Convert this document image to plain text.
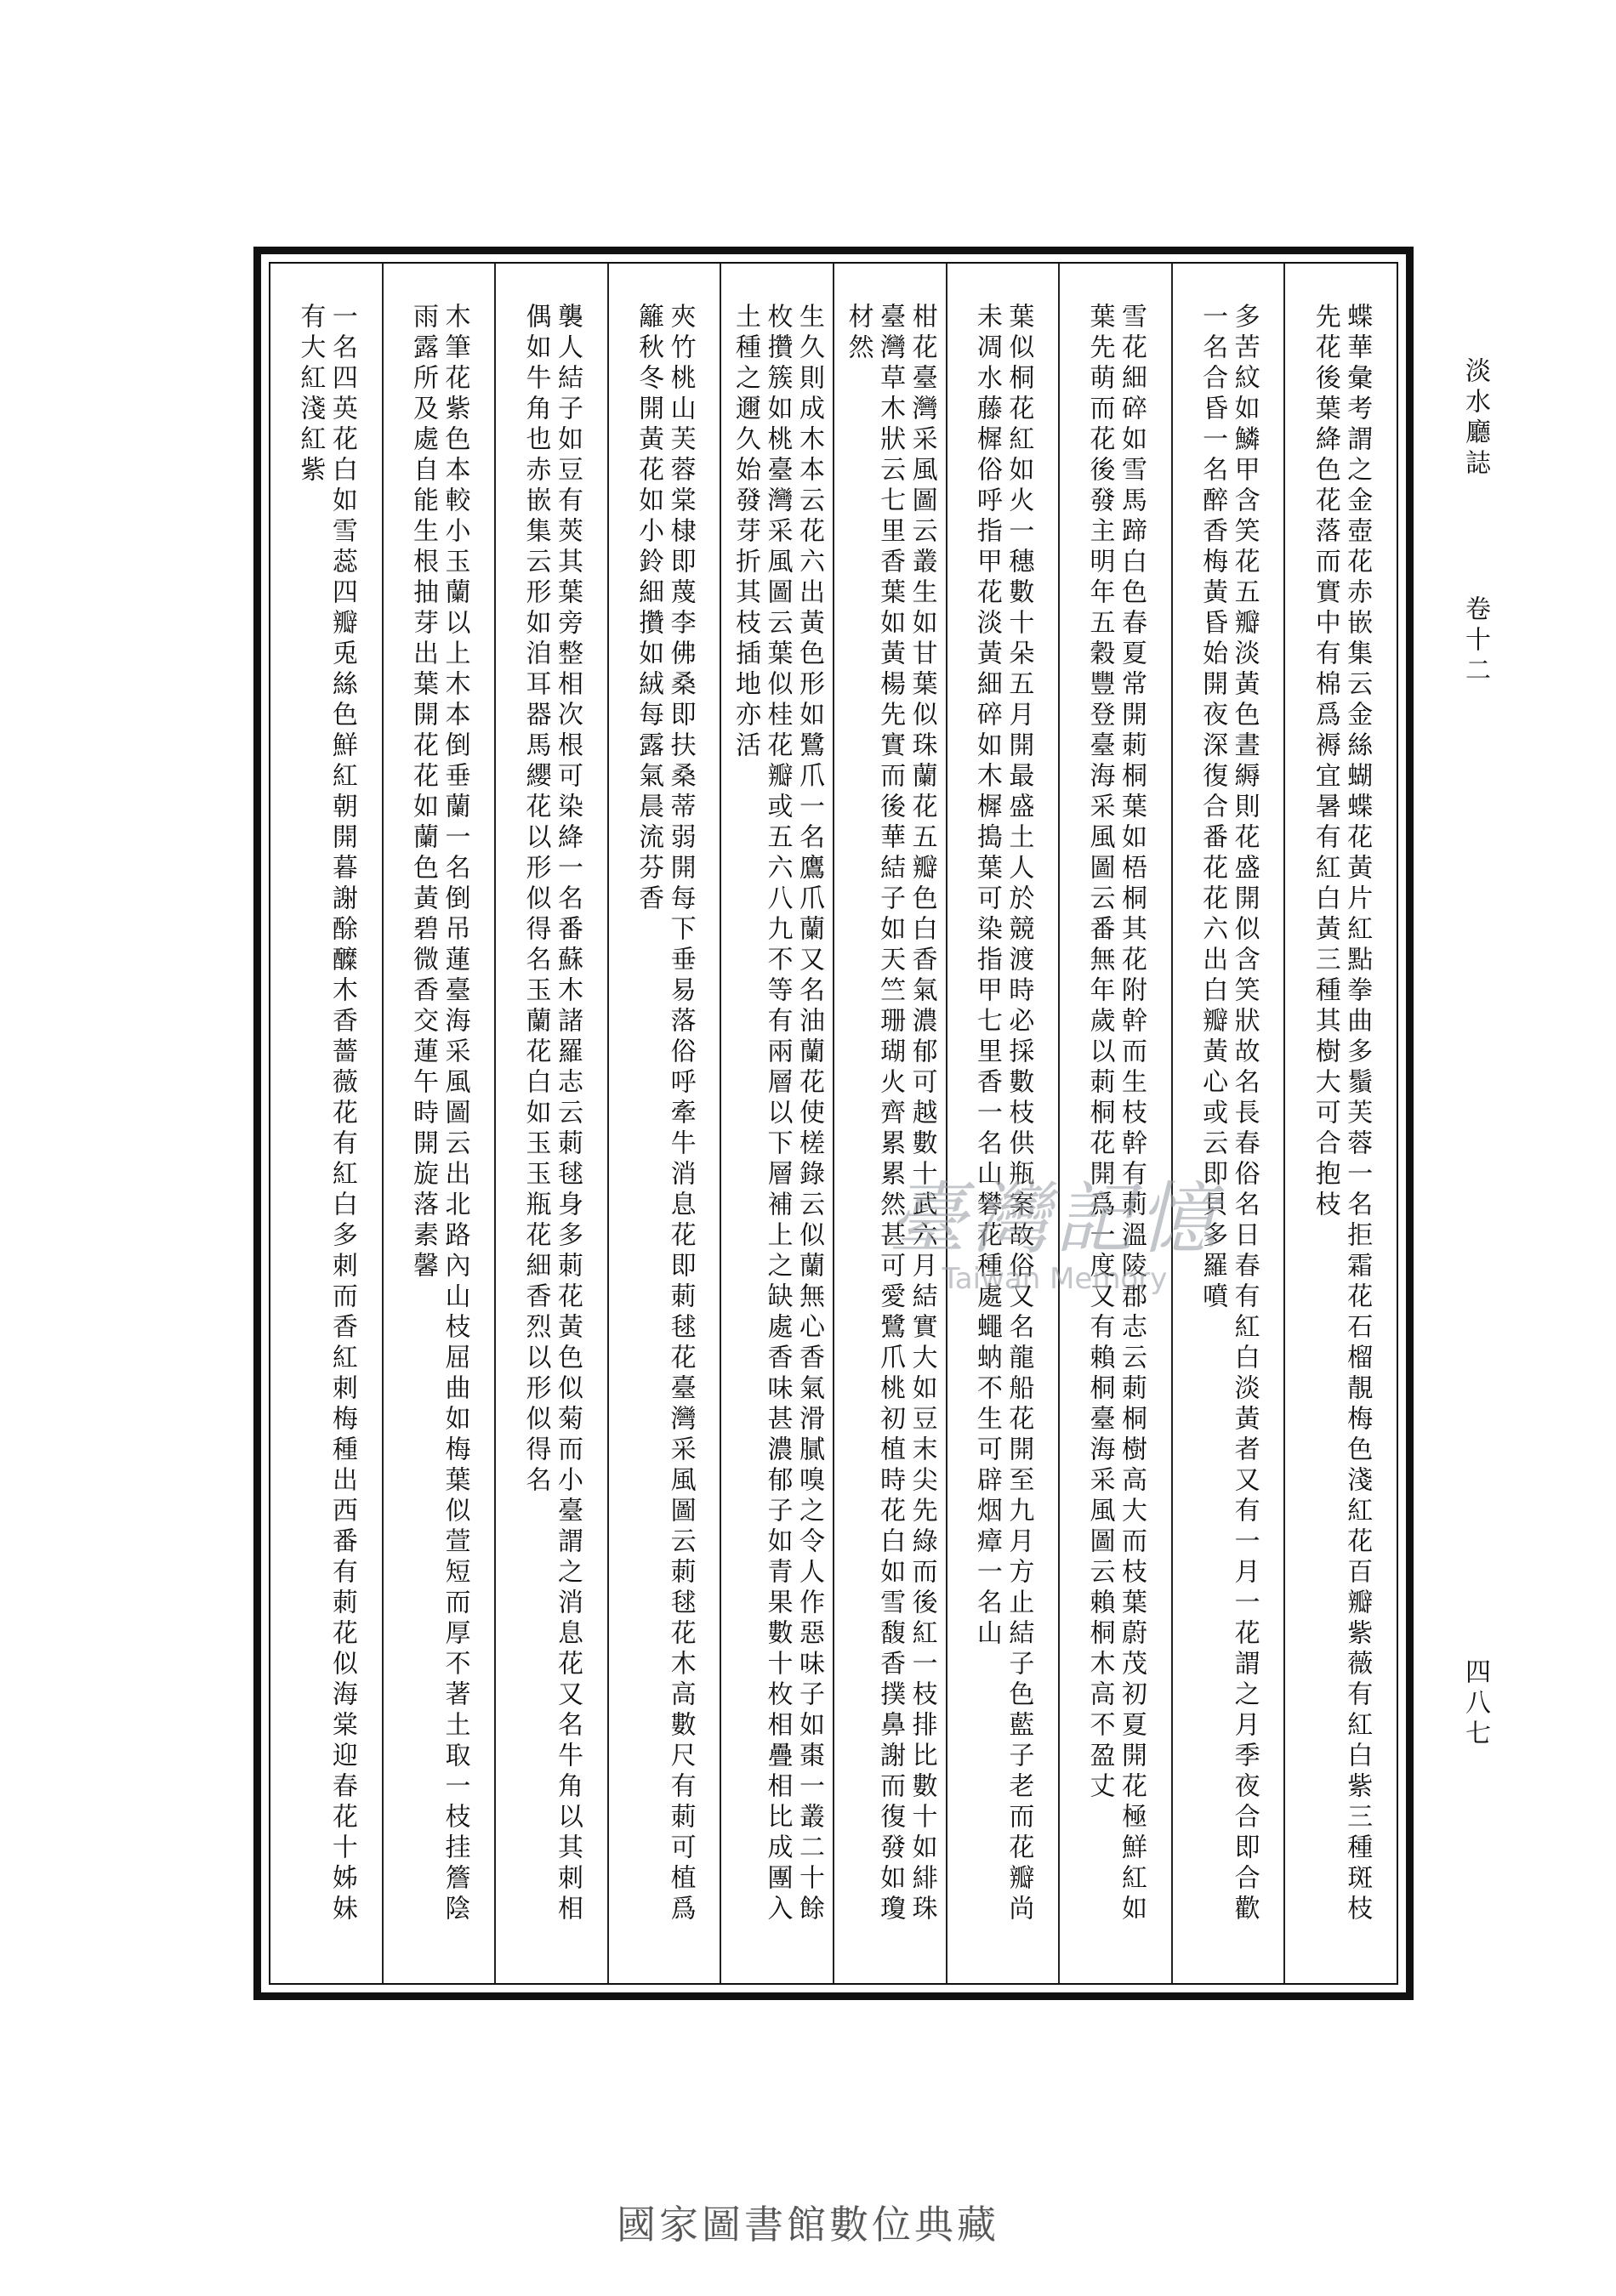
淡水廳誌
卷十二
四八七
蝶華彙考謂之金壺花赤嵌集云金絲蝴蝶花黃片紅點拳曲多鬚芙蓉一名拒霜花石榴靚梅色淺紅花百瓣紫薇有紅白紫三種斑枝先花後葉絳色花落而實中有棉爲褥宜暑有紅白黃三種其樹大可合抱枝
多苦紋如鱗甲含笑花五瓣淡黃色晝縟則花盛開似含笑狀故名長春俗名日春有紅白淡黃者又有一月一花謂之月季夜合即合歡一名合昏一名醉香梅黃昏始開夜深復合番花花六出白瓣黃心或云即貝多羅噴
雪花細碎如雪馬蹄白色春夏常開莿桐葉如梧桐其花附幹而生枝幹有莿溫陵郡志云莿桐樹高大而枝葉蔚茂初夏開花極鮮紅如葉先萌而花後發主明年五穀豐登臺海采風圖云番無年歲以莿桐花開爲一度又有賴桐臺海采風圖云賴桐木高不盈丈
葉似桐花紅如火一穗數十朵五月開最盛土人於競渡時必採數枝供瓶案故俗又名龍船花開至九月方止結子色藍子老而花瓣尚未凋水藤樨俗呼指甲花淡黃細碎如木樨搗葉可染指甲七里香一名山礬花種處蠅蚋不生可辟烟瘴一名山
柑花臺灣采風圖云叢生如甘葉似珠蘭花五瓣色白香氣濃郁可越數十武六月結實大如豆末尖先綠而後紅一枝排比數十如緋珠臺灣草木狀云七里香葉如黃楊先實而後華結子如天竺珊瑚火齊累累然甚可愛鷺爪桃初植時花白如雪馥香撲鼻謝而復發如瓊材然
生久則成木本云花六出黃色形如鷺爪一名鷹爪蘭又名油蘭花使槎錄云似蘭無心香氣滑膩嗅之令人作惡味子如棗一叢二十餘枚攢簇如桃臺灣采風圖云葉似桂花瓣或五六八九不等有兩層以下層補上之缺處香味甚濃郁子如青果數十枚相疊相比成團入土種之邇久始發芽折其枝插地亦活
夾竹桃山芙蓉棠棣即蔑李佛桑即扶桑蒂弱開每下垂易落俗呼牽牛消息花即莿毬花臺灣采風圖云莿毬花木高數尺有莿可植爲籬秋冬開黃花如小鈴細攢如絨每露氣晨流芬香
襲人結子如豆有莢其葉旁整相次根可染絳一名番蘇木諸羅志云莿毬身多莿花黃色似菊而小臺謂之消息花又名牛角以其刺相偶如牛角也赤嵌集云形如洎耳器馬纓花以形似得名玉蘭花白如玉玉瓶花細香烈以形似得名
木筆花紫色本較小玉蘭以上木本倒垂蘭一名倒吊蓮臺海采風圖云出北路內山枝屈曲如梅葉似萱短而厚不著土取一枝挂簷陰雨露所及處自能生根抽芽出葉開花花如蘭色黃碧微香交蓮午時開旋落素馨
一名四英花白如雪蕊四瓣兎絲色鮮紅朝開暮謝酴醾木香薔薇花有紅白多刺而香紅刺梅種出西番有莿花似海棠迎春花十姊妹有大紅淺紅紫
臺灣記憶
Taiwan Memory
國家圖書館數位典藏
